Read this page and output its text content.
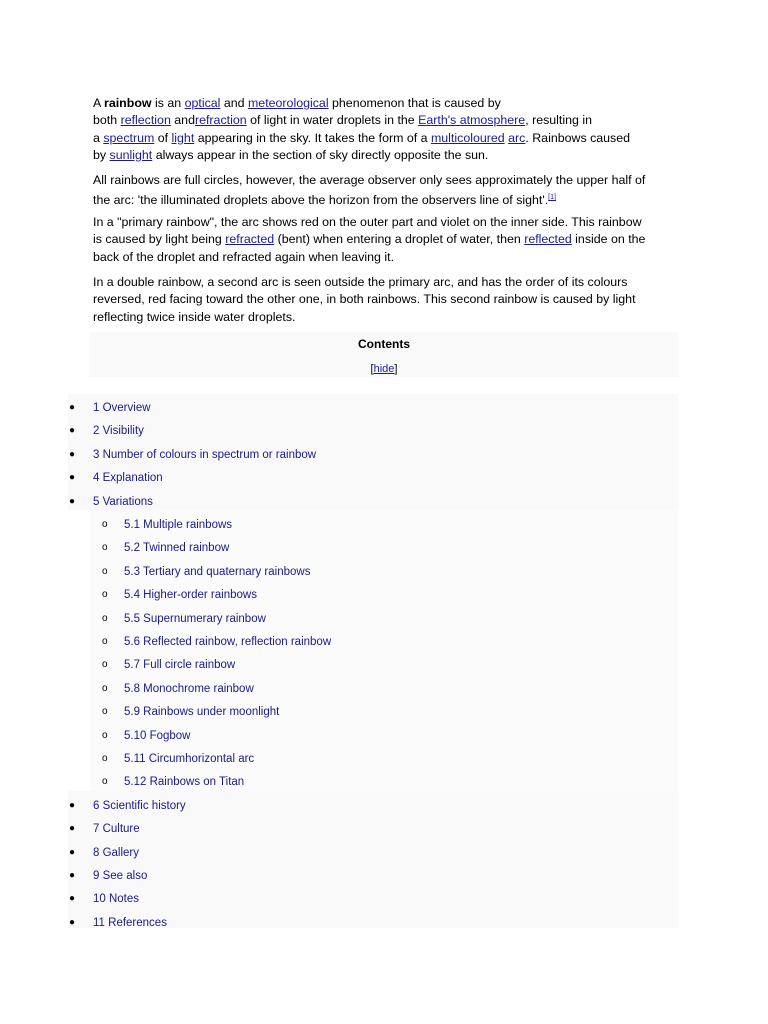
A rainbow is an optical and meteorological phenomenon that is caused by
both reflection andrefraction of light in water droplets in the Earth's atmosphere, resulting in
a spectrum of light appearing in the sky. It takes the form of a multicoloured arc. Rainbows caused
by sunlight always appear in the section of sky directly opposite the sun.

All rainbows are full circles, however, the average observer only sees approximately the upper half of
the arc: 'the illuminated droplets above the horizon from the observers line of sight'.[1]

In a "primary rainbow", the arc shows red on the outer part and violet on the inner side. This rainbow
is caused by light being refracted (bent) when entering a droplet of water, then reflected inside on the
back of the droplet and refracted again when leaving it.

In a double rainbow, a second arc is seen outside the primary arc, and has the order of its colours
reversed, red facing toward the other one, in both rainbows. This second rainbow is caused by light
reflecting twice inside water droplets.

Contents
[hide]
● 1 Overview
● 2 Visibility
● 3 Number of colours in spectrum or rainbow
● 4 Explanation
● 5 Variations
o 5.1 Multiple rainbows
o 5.2 Twinned rainbow
o 5.3 Tertiary and quaternary rainbows
o 5.4 Higher-order rainbows
o 5.5 Supernumerary rainbow
o 5.6 Reflected rainbow, reflection rainbow
o 5.7 Full circle rainbow
o 5.8 Monochrome rainbow
o 5.9 Rainbows under moonlight
o 5.10 Fogbow
o 5.11 Circumhorizontal arc
o 5.12 Rainbows on Titan
● 6 Scientific history
● 7 Culture
● 8 Gallery
● 9 See also
● 10 Notes
● 11 References
